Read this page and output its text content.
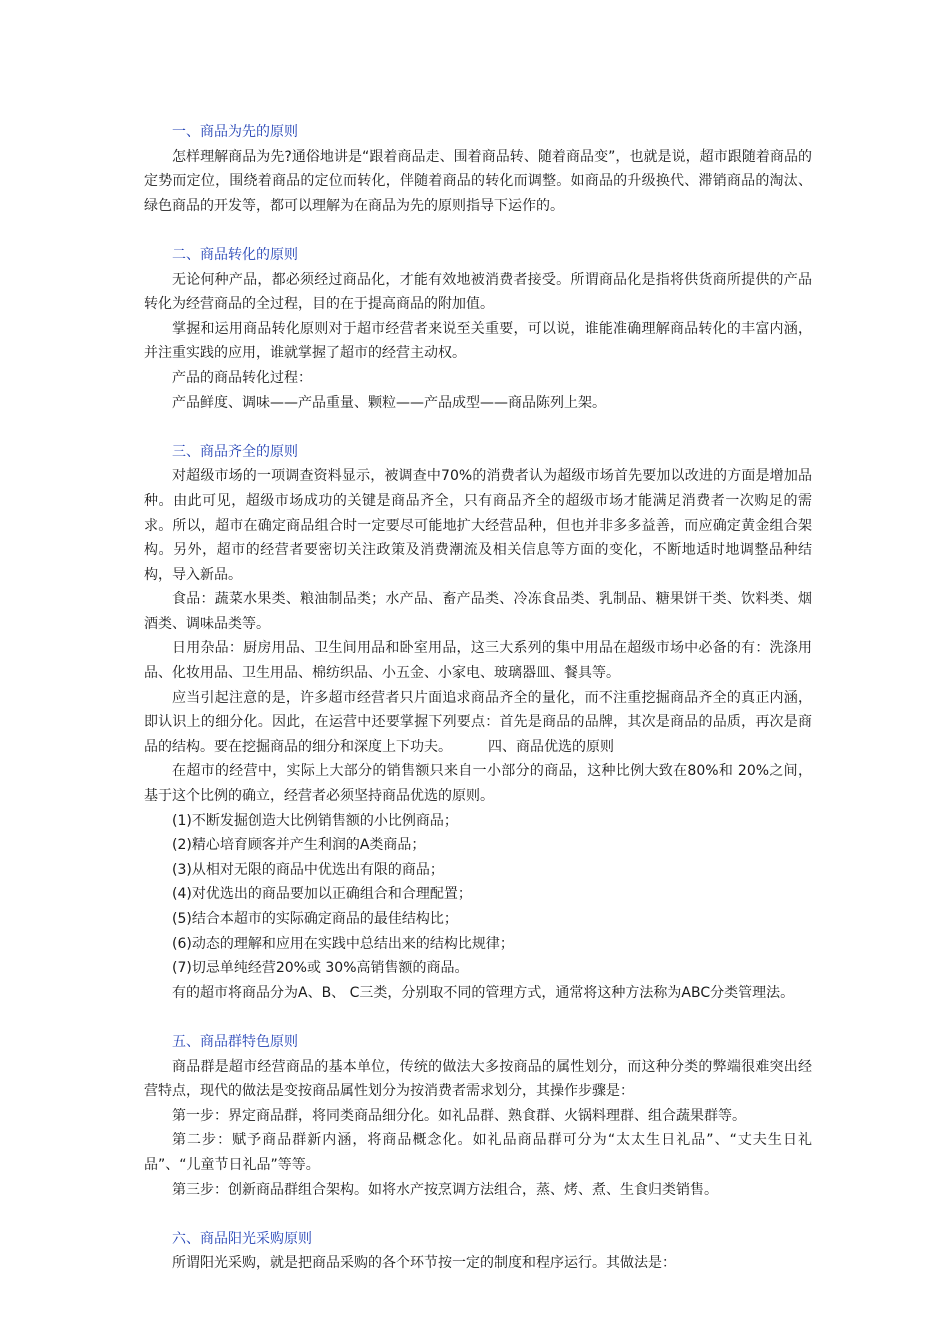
一、商品为先的原则

怎样理解商品为先?通俗地讲是“跟着商品走、围着商品转、随着商品变”，也就是说，超市跟随着商品的定势而定位，围绕着商品的定位而转化，伴随着商品的转化而调整。如商品的升级换代、滞销商品的淘汰、绿色商品的开发等，都可以理解为在商品为先的原则指导下运作的。

二、商品转化的原则

无论何种产品，都必须经过商品化，才能有效地被消费者接受。所谓商品化是指将供货商所提供的产品转化为经营商品的全过程，目的在于提高商品的附加值。

掌握和运用商品转化原则对于超市经营者来说至关重要，可以说，谁能准确理解商品转化的丰富内涵，并注重实践的应用，谁就掌握了超市的经营主动权。

产品的商品转化过程：

产品鲜度、调味——产品重量、颗粒——产品成型——商品陈列上架。

三、商品齐全的原则

对超级市场的一项调查资料显示，被调查中70%的消费者认为超级市场首先要加以改进的方面是增加品种。由此可见，超级市场成功的关键是商品齐全，只有商品齐全的超级市场才能满足消费者一次购足的需求。所以，超市在确定商品组合时一定要尽可能地扩大经营品种，但也并非多多益善，而应确定黄金组合架构。另外，超市的经营者要密切关注政策及消费潮流及相关信息等方面的变化，不断地适时地调整品种结构，导入新品。

食品：蔬菜水果类、粮油制品类；水产品、畜产品类、冷冻食品类、乳制品、糖果饼干类、饮料类、烟酒类、调味品类等。

日用杂品：厨房用品、卫生间用品和卧室用品，这三大系列的集中用品在超级市场中必备的有：洗涤用品、化妆用品、卫生用品、棉纺织品、小五金、小家电、玻璃器皿、餐具等。

应当引起注意的是，许多超市经营者只片面追求商品齐全的量化，而不注重挖掘商品齐全的真正内涵，即认识上的细分化。因此，在运营中还要掌握下列要点：首先是商品的品牌，其次是商品的品质，再次是商品的结构。要在挖掘商品的细分和深度上下功夫。	四、商品优选的原则

在超市的经营中，实际上大部分的销售额只来自一小部分的商品，这种比例大致在80%和 20%之间，基于这个比例的确立，经营者必须坚持商品优选的原则。

(1)不断发掘创造大比例销售额的小比例商品；

(2)精心培育顾客并产生利润的A类商品；

(3)从相对无限的商品中优选出有限的商品；

(4)对优选出的商品要加以正确组合和合理配置；

(5)结合本超市的实际确定商品的最佳结构比；

(6)动态的理解和应用在实践中总结出来的结构比规律；

(7)切忌单纯经营20%或 30%高销售额的商品。

有的超市将商品分为A、B、 C三类，分别取不同的管理方式，通常将这种方法称为ABC分类管理法。

五、商品群特色原则

商品群是超市经营商品的基本单位，传统的做法大多按商品的属性划分，而这种分类的弊端很难突出经营特点，现代的做法是变按商品属性划分为按消费者需求划分，其操作步骤是：

第一步：界定商品群，将同类商品细分化。如礼品群、熟食群、火锅料理群、组合蔬果群等。

第二步：赋予商品群新内涵，将商品概念化。如礼品商品群可分为“太太生日礼品”、“丈夫生日礼品”、“儿童节日礼品”等等。

第三步：创新商品群组合架构。如将水产按烹调方法组合，蒸、烤、煮、生食归类销售。

六、商品阳光采购原则

所谓阳光采购，就是把商品采购的各个环节按一定的制度和程序运行。其做法是：
